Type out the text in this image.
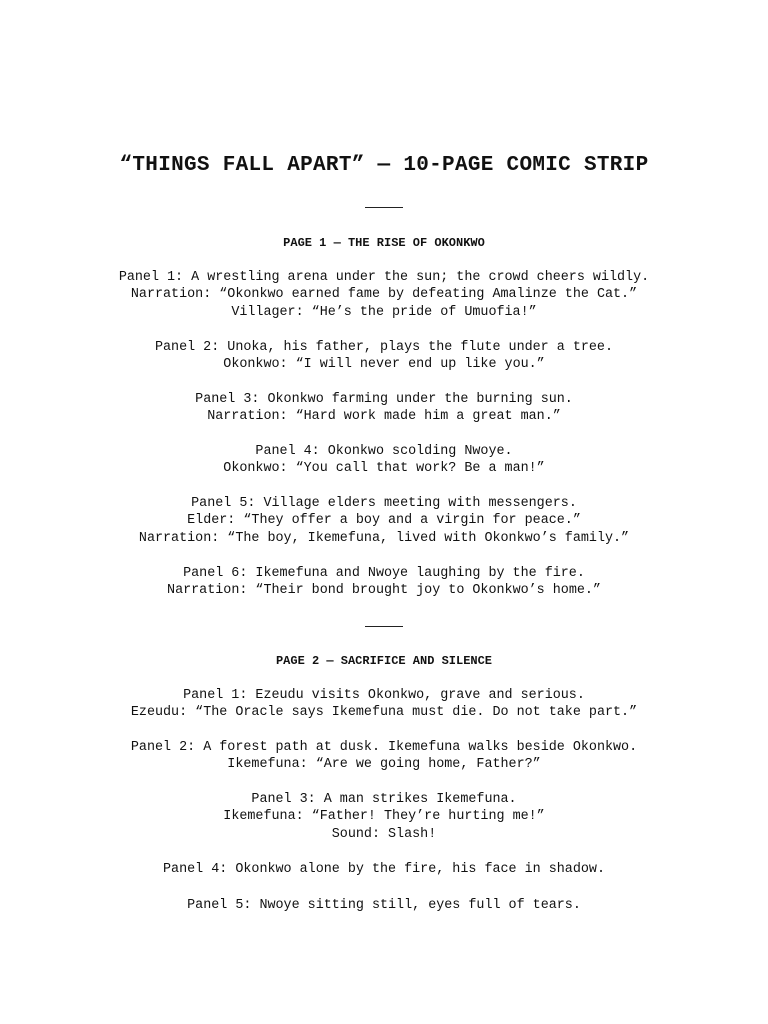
“THINGS FALL APART” — 10-PAGE COMIC STRIP
PAGE 1 — THE RISE OF OKONKWO
Panel 1: A wrestling arena under the sun; the crowd cheers wildly.
Narration: “Okonkwo earned fame by defeating Amalinze the Cat.”
Villager: “He’s the pride of Umuofia!”
Panel 2: Unoka, his father, plays the flute under a tree.
Okonkwo: “I will never end up like you.”
Panel 3: Okonkwo farming under the burning sun.
Narration: “Hard work made him a great man.”
Panel 4: Okonkwo scolding Nwoye.
Okonkwo: “You call that work? Be a man!”
Panel 5: Village elders meeting with messengers.
Elder: “They offer a boy and a virgin for peace.”
Narration: “The boy, Ikemefuna, lived with Okonkwo’s family.”
Panel 6: Ikemefuna and Nwoye laughing by the fire.
Narration: “Their bond brought joy to Okonkwo’s home.”
PAGE 2 — SACRIFICE AND SILENCE
Panel 1: Ezeudu visits Okonkwo, grave and serious.
Ezeudu: “The Oracle says Ikemefuna must die. Do not take part.”
Panel 2: A forest path at dusk. Ikemefuna walks beside Okonkwo.
Ikemefuna: “Are we going home, Father?”
Panel 3: A man strikes Ikemefuna.
Ikemefuna: “Father! They’re hurting me!”
Sound: Slash!
Panel 4: Okonkwo alone by the fire, his face in shadow.
Panel 5: Nwoye sitting still, eyes full of tears.
